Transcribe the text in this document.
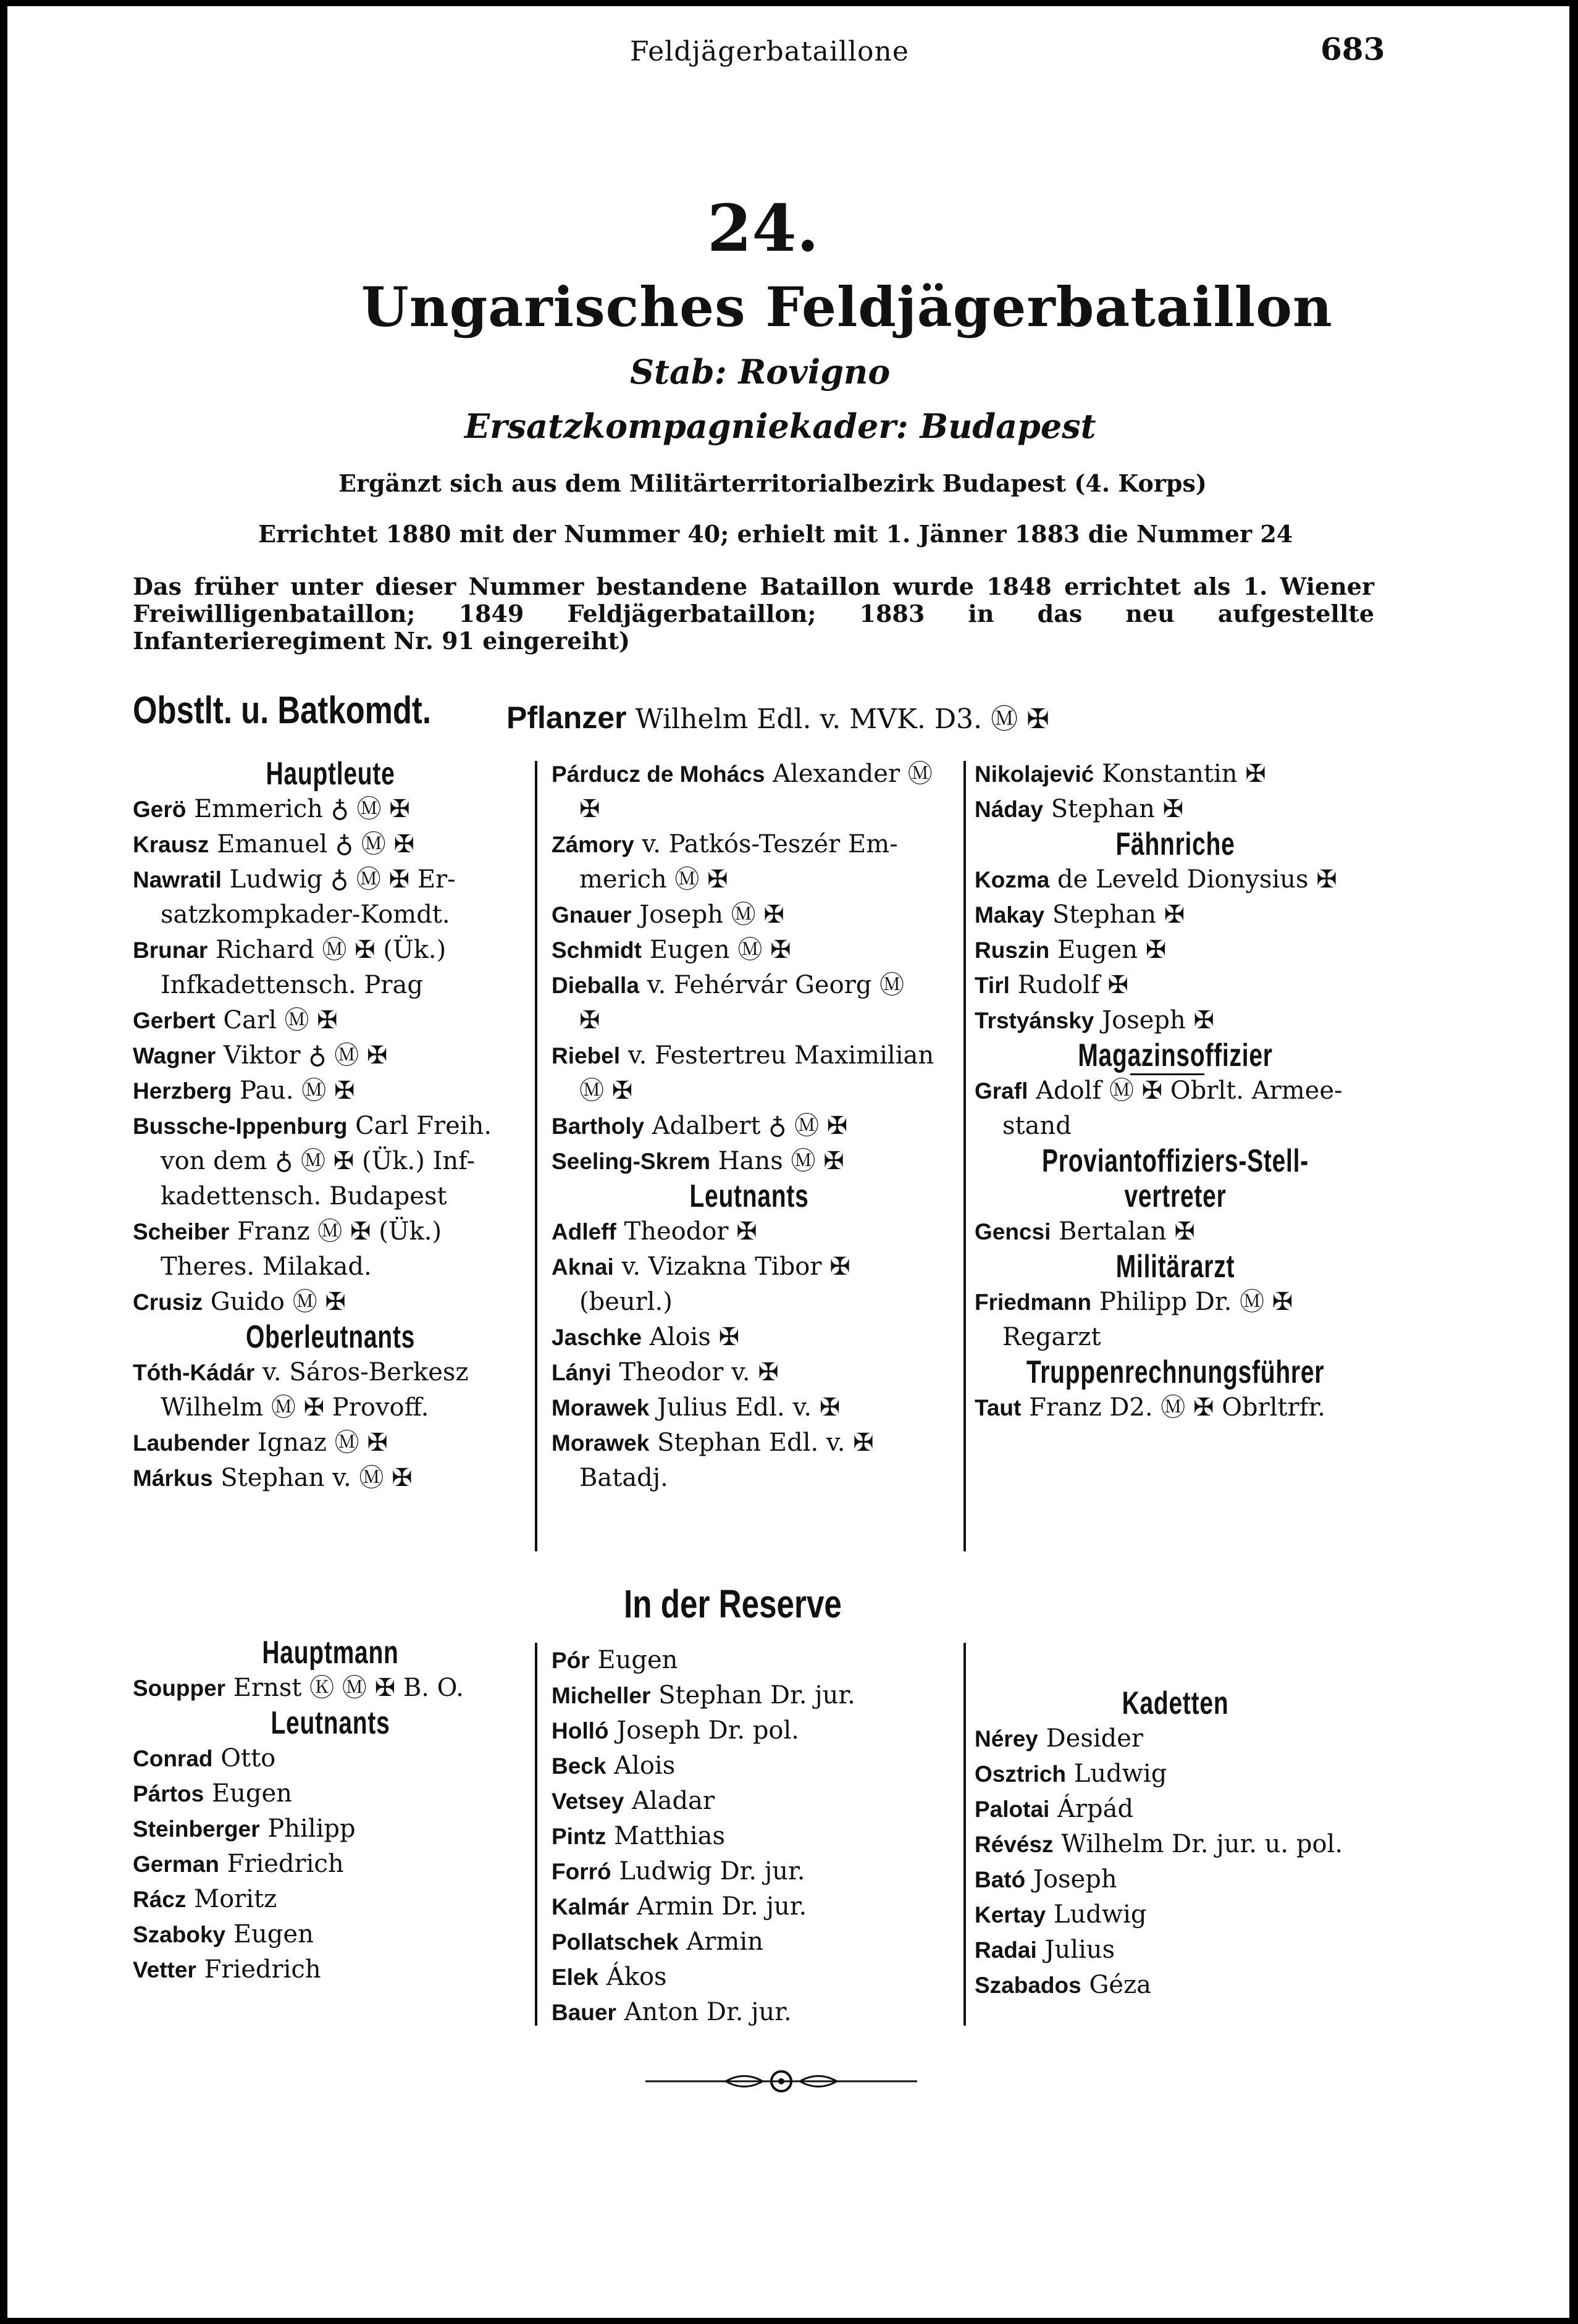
Feldjägerbataillone	683
24.
Ungarisches Feldjägerbataillon
Stab: Rovigno
Ersatzkompagniekader: Budapest
Ergänzt sich aus dem Militärterritorialbezirk Budapest (4. Korps)
Errichtet 1880 mit der Nummer 40; erhielt mit 1. Jänner 1883 die Nummer 24
Das früher unter dieser Nummer bestandene Bataillon wurde 1848 errichtet als 1. Wiener Freiwilligenbataillon; 1849 Feldjägerbataillon; 1883 in das neu aufgestellte Infanterieregiment Nr. 91 eingereiht)
Obstlt. u. Batkomdt. Pflanzer Wilhelm Edl. v. MVK. D3. Ⓜ ✠
Hauptleute
Gerö Emmerich ♁ Ⓜ ✠
Krausz Emanuel ♁ Ⓜ ✠
Nawratil Ludwig ♁ Ⓜ ✠ Er-
satzkompkader-Komdt.
Brunar Richard Ⓜ ✠ (Ük.)
Infkadettensch. Prag
Gerbert Carl Ⓜ ✠
Wagner Viktor ♁ Ⓜ ✠
Herzberg Pau. Ⓜ ✠
Bussche-Ippenburg Carl Freih.
von dem ♁ Ⓜ ✠ (Ük.) Inf-
kadettensch. Budapest
Scheiber Franz Ⓜ ✠ (Ük.)
Theres. Milakad.
Crusiz Guido Ⓜ ✠
Oberleutnants
Tóth-Kádár v. Sáros-Berkesz
Wilhelm Ⓜ ✠ Provoff.
Laubender Ignaz Ⓜ ✠
Márkus Stephan v. Ⓜ ✠
Párducz de Mohács Alexander Ⓜ
✠
Zámory v. Patkós-Teszér Em-
merich Ⓜ ✠
Gnauer Joseph Ⓜ ✠
Schmidt Eugen Ⓜ ✠
Dieballa v. Fehérvár Georg Ⓜ
✠
Riebel v. Festertreu Maximilian
Ⓜ ✠
Bartholy Adalbert ♁ Ⓜ ✠
Seeling-Skrem Hans Ⓜ ✠
Leutnants
Adleff Theodor ✠
Aknai v. Vizakna Tibor ✠
(beurl.)
Jaschke Alois ✠
Lányi Theodor v. ✠
Morawek Julius Edl. v. ✠
Morawek Stephan Edl. v. ✠
Batadj.
Nikolajević Konstantin ✠
Náday Stephan ✠
Fähnriche
Kozma de Leveld Dionysius ✠
Makay Stephan ✠
Ruszin Eugen ✠
Tirl Rudolf ✠
Trstyánsky Joseph ✠
Magazinsoffizier
Grafl Adolf Ⓜ ✠ Obrlt. Armee-
stand
Proviantoffiziers-Stell-
vertreter
Gencsi Bertalan ✠
Militärarzt
Friedmann Philipp Dr. Ⓜ ✠
Regarzt
Truppenrechnungsführer
Taut Franz D2. Ⓜ ✠ Obrltrfr.
In der Reserve
Hauptmann
Soupper Ernst Ⓚ Ⓜ ✠ B. O.
Leutnants
Conrad Otto
Pártos Eugen
Steinberger Philipp
German Friedrich
Rácz Moritz
Szaboky Eugen
Vetter Friedrich
Pór Eugen
Micheller Stephan Dr. jur.
Holló Joseph Dr. pol.
Beck Alois
Vetsey Aladar
Pintz Matthias
Forró Ludwig Dr. jur.
Kalmár Armin Dr. jur.
Pollatschek Armin
Elek Ákos
Bauer Anton Dr. jur.
Kadetten
Nérey Desider
Osztrich Ludwig
Palotai Árpád
Révész Wilhelm Dr. jur. u. pol.
Bató Joseph
Kertay Ludwig
Radai Julius
Szabados Géza
